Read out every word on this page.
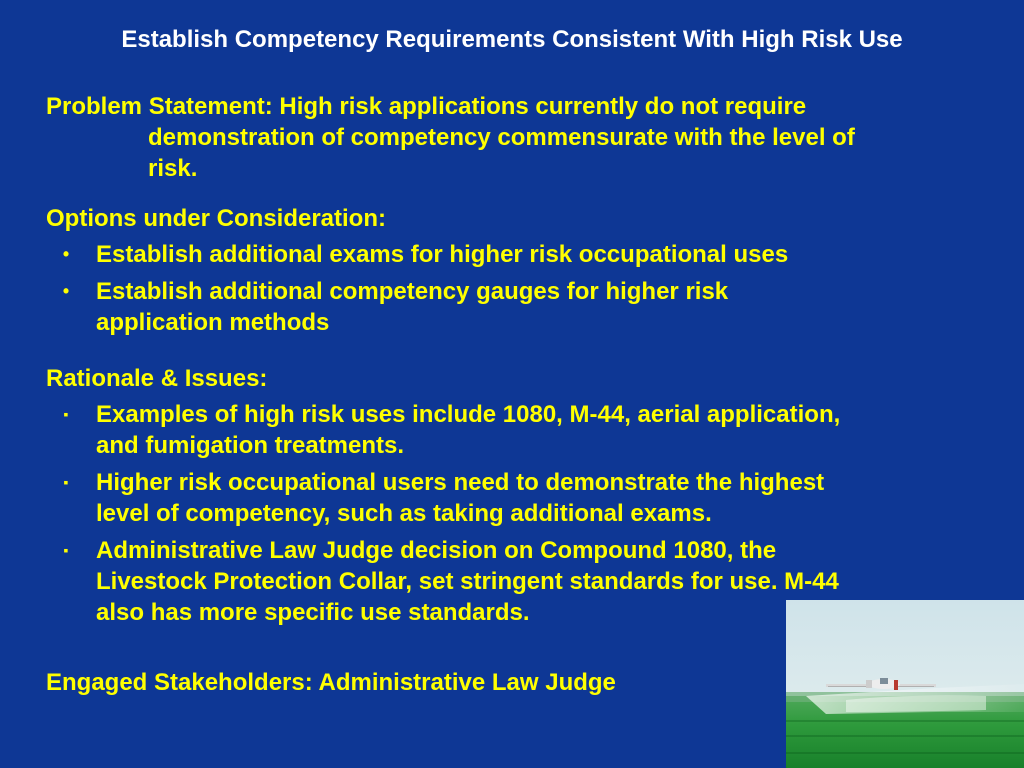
Establish Competency Requirements Consistent With High Risk Use
Problem Statement: High risk applications currently do not require
demonstration of competency commensurate with the level of
risk.
Options under Consideration:
• Establish additional exams for higher risk occupational uses
• Establish additional competency gauges for higher risk
application methods
Rationale & Issues:
▪	Examples of high risk uses include 1080, M-44, aerial application,
and fumigation treatments.
▪	Higher risk occupational users need to demonstrate the highest
level of competency, such as taking additional exams.
▪	Administrative Law Judge decision on Compound 1080, the
Livestock Protection Collar, set stringent standards for use. M-44
also has more specific use standards.
Engaged Stakeholders: Administrative Law Judge
